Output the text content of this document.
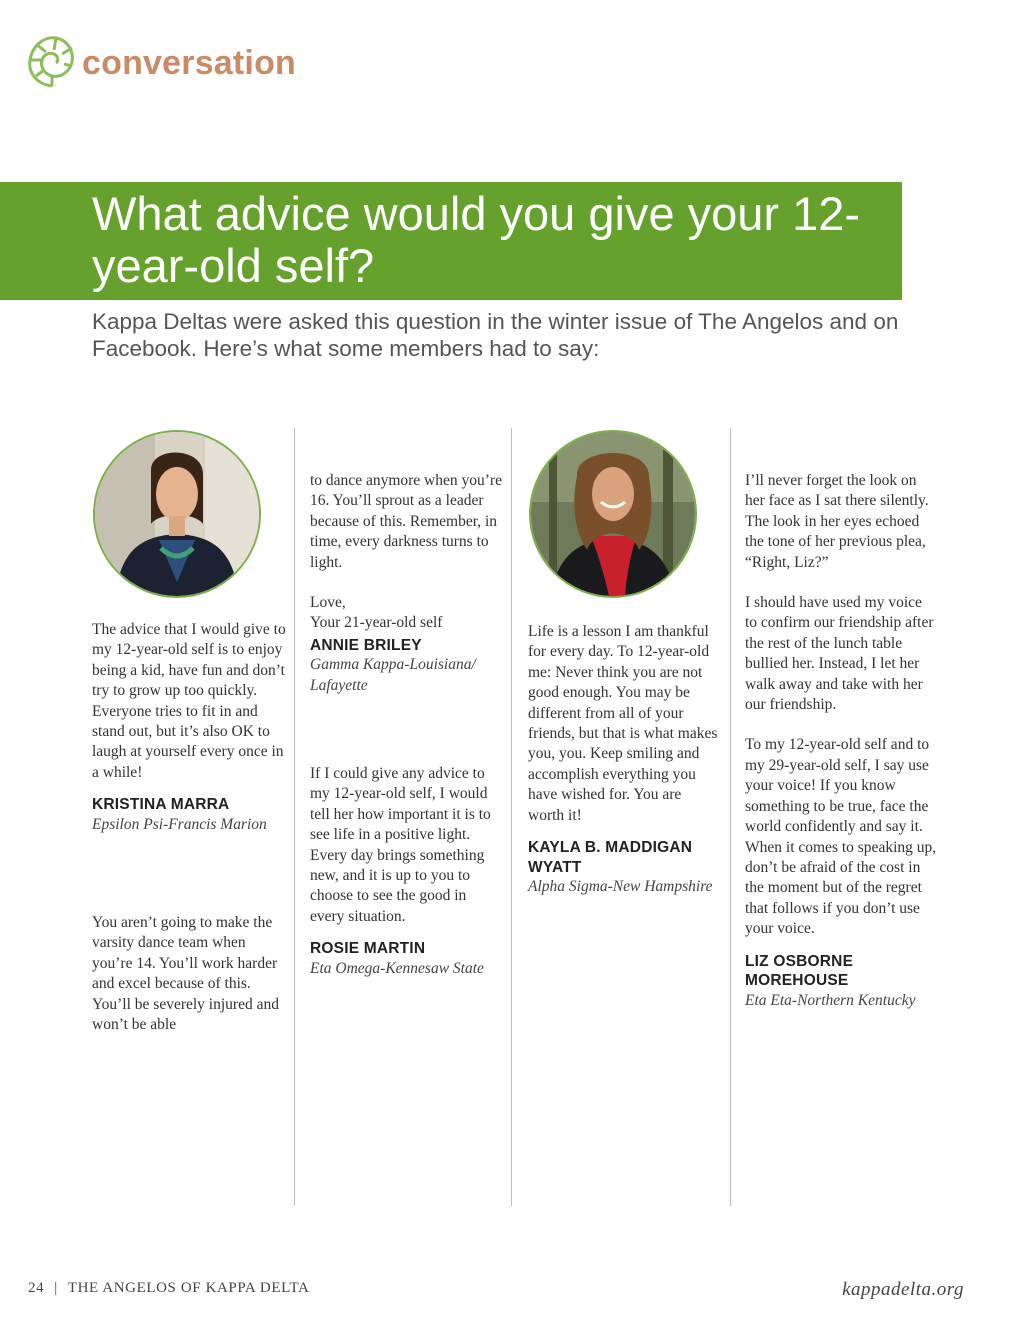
conversation
What advice would you give your 12-year-old self?

Kappa Deltas were asked this question in the winter issue of The Angelos and on Facebook. Here’s what some members had to say:

The advice that I would give to my 12-year-old self is to enjoy being a kid, have fun and don’t try to grow up too quickly. Everyone tries to fit in and stand out, but it’s also OK to laugh at yourself every once in a while!

KRISTINA MARRA
Epsilon Psi-Francis Marion

You aren’t going to make the varsity dance team when you’re 14. You’ll work harder and excel because of this. You’ll be severely injured and won’t be able

to dance anymore when you’re 16. You’ll sprout as a leader because of this. Remember, in time, every darkness turns to light.

Love,

Your 21-year-old self

ANNIE BRILEY
Gamma Kappa-Louisiana/ Lafayette

If I could give any advice to my 12-year-old self, I would tell her how important it is to see life in a positive light. Every day brings something new, and it is up to you to choose to see the good in every situation.

ROSIE MARTIN
Eta Omega-Kennesaw State

Life is a lesson I am thankful for every day. To 12-year-old me: Never think you are not good enough. You may be different from all of your friends, but that is what makes you, you. Keep smiling and accomplish everything you have wished for. You are worth it!

KAYLA B. MADDIGAN WYATT
Alpha Sigma-New Hampshire

I’ll never forget the look on her face as I sat there silently. The look in her eyes echoed the tone of her previous plea, “Right, Liz?”

I should have used my voice to confirm our friendship after the rest of the lunch table bullied her. Instead, I let her walk away and take with her our friendship.

To my 12-year-old self and to my 29-year-old self, I say use your voice! If you know something to be true, face the world confidently and say it. When it comes to speaking up, don’t be afraid of the cost in the moment but of the regret that follows if you don’t use your voice.

LIZ OSBORNE MOREHOUSE
Eta Eta-Northern Kentucky
24 | THE ANGELOS OF KAPPA DELTA	kappadelta.org
